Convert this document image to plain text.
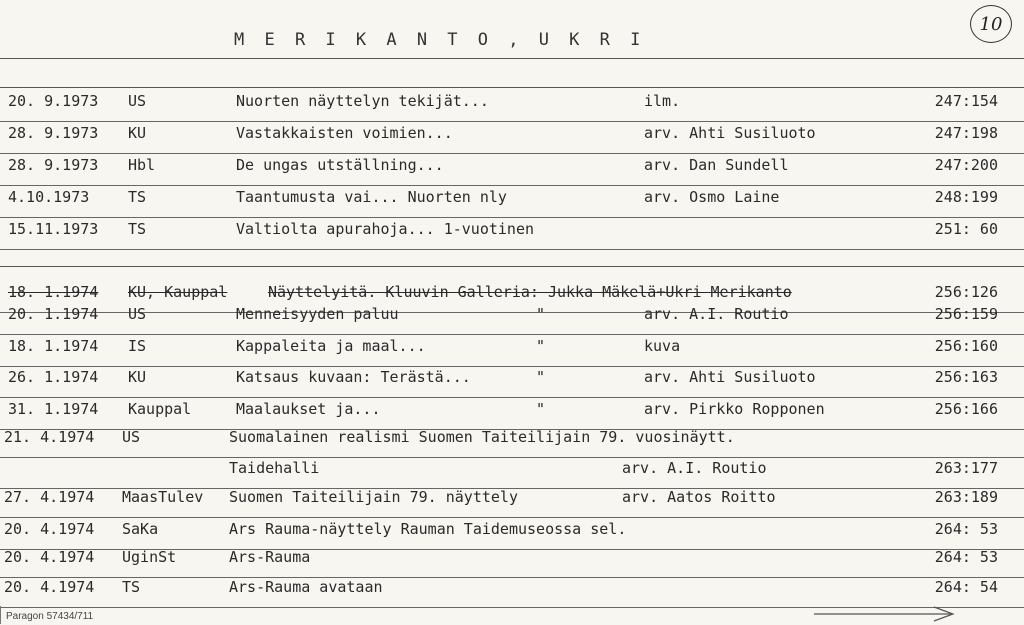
M E R I K A N T O , U K R I
10
20. 9.1973 US	Nuorten näyttelyn tekijät...	ilm.	247:154
28. 9.1973 KU	Vastakkaisten voimien...	arv. Ahti Susiluoto	247:198
28. 9.1973 Hbl	De ungas utställning...	arv. Dan Sundell	247:200
4.10.1973	TS	Taantumusta vai... Nuorten nly	arv. Osmo Laine	248:199
15.11.1973 TS	Valtiolta apurahoja... 1-vuotinen	251: 60
18. 1.1974 KU, Kauppal	Näyttelyitä. Kluuvin Galleria: Jukka Mäkelä+Ukri Merikanto	256:126
20. 1.1974 US	Menneisyyden paluu	"	arv. A.I. Routio	256:159
18. 1.1974 IS	Kappaleita ja maal...	"	kuva	256:160
26. 1.1974 KU	Katsaus kuvaan: Terästä...	"	arv. Ahti Susiluoto	256:163
31. 1.1974 Kauppal	Maalaukset ja...	"	arv. Pirkko Ropponen	256:166
21. 4.1974 US	Suomalainen realismi Suomen Taiteilijain 79. vuosinäytt.
Taidehalli	arv. A.I. Routio	263:177
27. 4.1974 MaasTulev Suomen Taiteilijain 79. näyttely	arv. Aatos Roitto	263:189
20. 4.1974 SaKa	Ars Rauma-näyttely Rauman Taidemuseossa sel.	264: 53
20. 4.1974 UginSt	Ars-Rauma	264: 53
20. 4.1974 TS	Ars-Rauma avataan	264: 54
Paragon 57434/711
